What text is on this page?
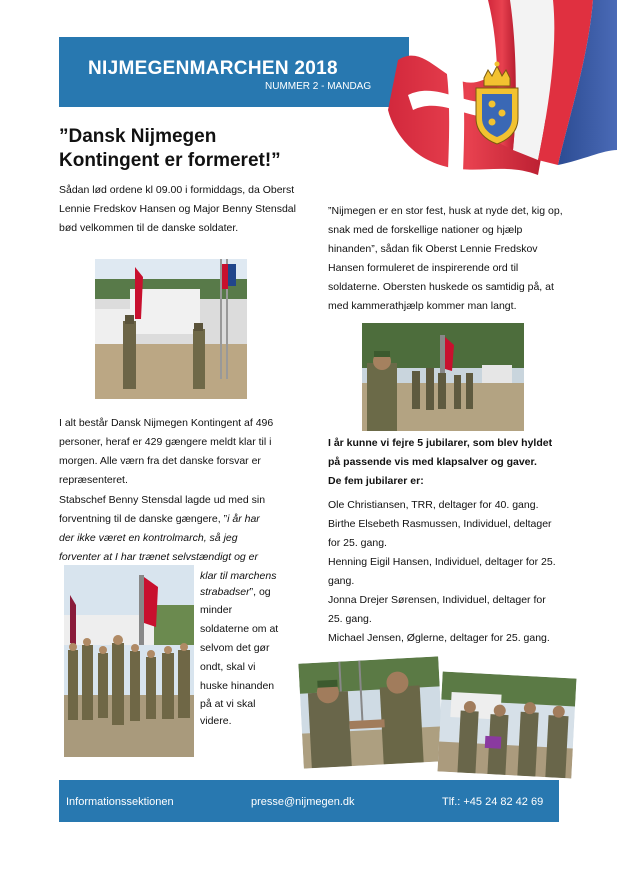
NIJMEGENMARCHEN 2018
NUMMER 2 - MANDAG
”Dansk Nijmegen Kontingent er formeret!”
Sådan lød ordene kl 09.00 i formiddags, da Oberst Lennie Fredskov Hansen og Major Benny Stensdal bød velkommen til de danske soldater.
I alt består Dansk Nijmegen Kontingent af 496 personer, heraf er 429 gængere meldt klar til i morgen. Alle værn fra det danske forsvar er repræsenteret.
Stabschef Benny Stensdal lagde ud med sin
forventning til de danske gængere, ”i år har
der ikke været en kontrolmarch, så jeg
forventer at I har trænet selvstændigt og er
klar til marchens
strabadser”, og
minder
soldaterne om at
selvom det gør
ondt, skal vi
huske hinanden
på at vi skal
videre.
”Nijmegen er en stor fest, husk at nyde det, kig op, snak med de forskellige nationer og hjælp hinanden”, sådan fik Oberst Lennie Fredskov Hansen formuleret de inspirerende ord til soldaterne. Obersten huskede os samtidig på, at med kammerathjælp kommer man langt.
I år kunne vi fejre 5 jubilarer, som blev hyldet på passende vis med klapsalver og gaver.
De fem jubilarer er:
Ole Christiansen, TRR, deltager for 40. gang.
Birthe Elsebeth Rasmussen, Individuel, deltager for 25. gang.
Henning Eigil Hansen, Individuel, deltager for 25. gang.
Jonna Drejer Sørensen, Individuel, deltager for 25. gang.
Michael Jensen, Øglerne, deltager for 25. gang.
Informationssektionen	presse@nijmegen.dk	Tlf.: +45 24 82 42 69
